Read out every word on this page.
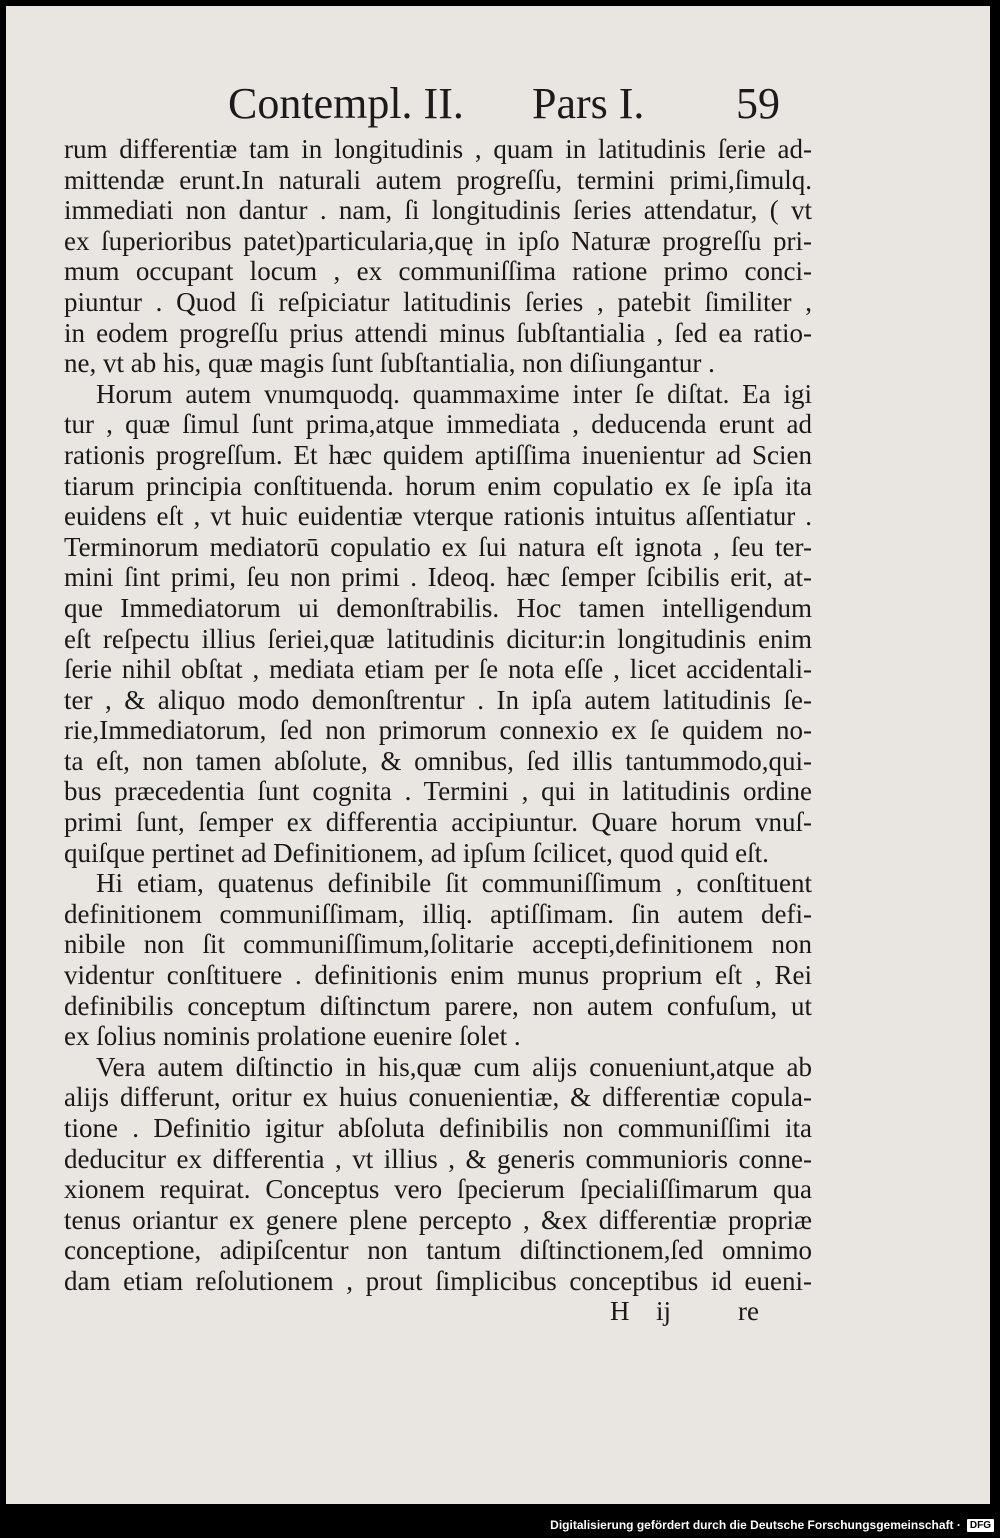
Contempl. II. Pars I. 59
rum differentiæ tam in longitudinis , quam in latitudinis ſerie ad-
mittendæ erunt.In naturali autem progreſſu, termini primi,ſimulq.
immediati non dantur . nam, ſi longitudinis ſeries attendatur, ( vt
ex ſuperioribus patet)particularia,quę in ipſo Naturæ progreſſu pri-
mum occupant locum , ex communiſſima ratione primo conci-
piuntur . Quod ſi reſpiciatur latitudinis ſeries , patebit ſimiliter ,
in eodem progreſſu prius attendi minus ſubſtantialia , ſed ea ratio-
ne, vt ab his, quæ magis ſunt ſubſtantialia, non diſiungantur .
Horum autem vnumquodq. quammaxime inter ſe diſtat. Ea igi
tur , quæ ſimul ſunt prima,atque immediata , deducenda erunt ad
rationis progreſſum. Et hæc quidem aptiſſima inuenientur ad Scien
tiarum principia conſtituenda. horum enim copulatio ex ſe ipſa ita
euidens eſt , vt huic euidentiæ vterque rationis intuitus aſſentiatur .
Terminorum mediatorū copulatio ex ſui natura eſt ignota , ſeu ter-
mini ſint primi, ſeu non primi . Ideoq. hæc ſemper ſcibilis erit, at-
que Immediatorum ui demonſtrabilis. Hoc tamen intelligendum
eſt reſpectu illius ſeriei,quæ latitudinis dicitur:in longitudinis enim
ſerie nihil obſtat , mediata etiam per ſe nota eſſe , licet accidentali-
ter , & aliquo modo demonſtrentur . In ipſa autem latitudinis ſe-
rie,Immediatorum, ſed non primorum connexio ex ſe quidem no-
ta eſt, non tamen abſolute, & omnibus, ſed illis tantummodo,qui-
bus præcedentia ſunt cognita . Termini , qui in latitudinis ordine
primi ſunt, ſemper ex differentia accipiuntur. Quare horum vnuſ-
quiſque pertinet ad Definitionem, ad ipſum ſcilicet, quod quid eſt.
Hi etiam, quatenus definibile ſit communiſſimum , conſtituent
definitionem communiſſimam, illiq. aptiſſimam. ſin autem defi-
nibile non ſit communiſſimum,ſolitarie accepti,definitionem non
videntur conſtituere . definitionis enim munus proprium eſt , Rei
definibilis conceptum diſtinctum parere, non autem confuſum, ut
ex ſolius nominis prolatione euenire ſolet .
Vera autem diſtinctio in his,quæ cum alijs conueniunt,atque ab
alijs differunt, oritur ex huius conuenientiæ, & differentiæ copula-
tione . Definitio igitur abſoluta definibilis non communiſſimi ita
deducitur ex differentia , vt illius , & generis communioris conne-
xionem requirat. Conceptus vero ſpecierum ſpecialiſſimarum qua
tenus oriantur ex genere plene percepto , &ex differentiæ propriæ
conceptione, adipiſcentur non tantum diſtinctionem,ſed omnimo
dam etiam reſolutionem , prout ſimplicibus conceptibus id eueni-
H ij re
Digitalisierung gefördert durch die Deutsche Forschungsgemeinschaft · DFG
